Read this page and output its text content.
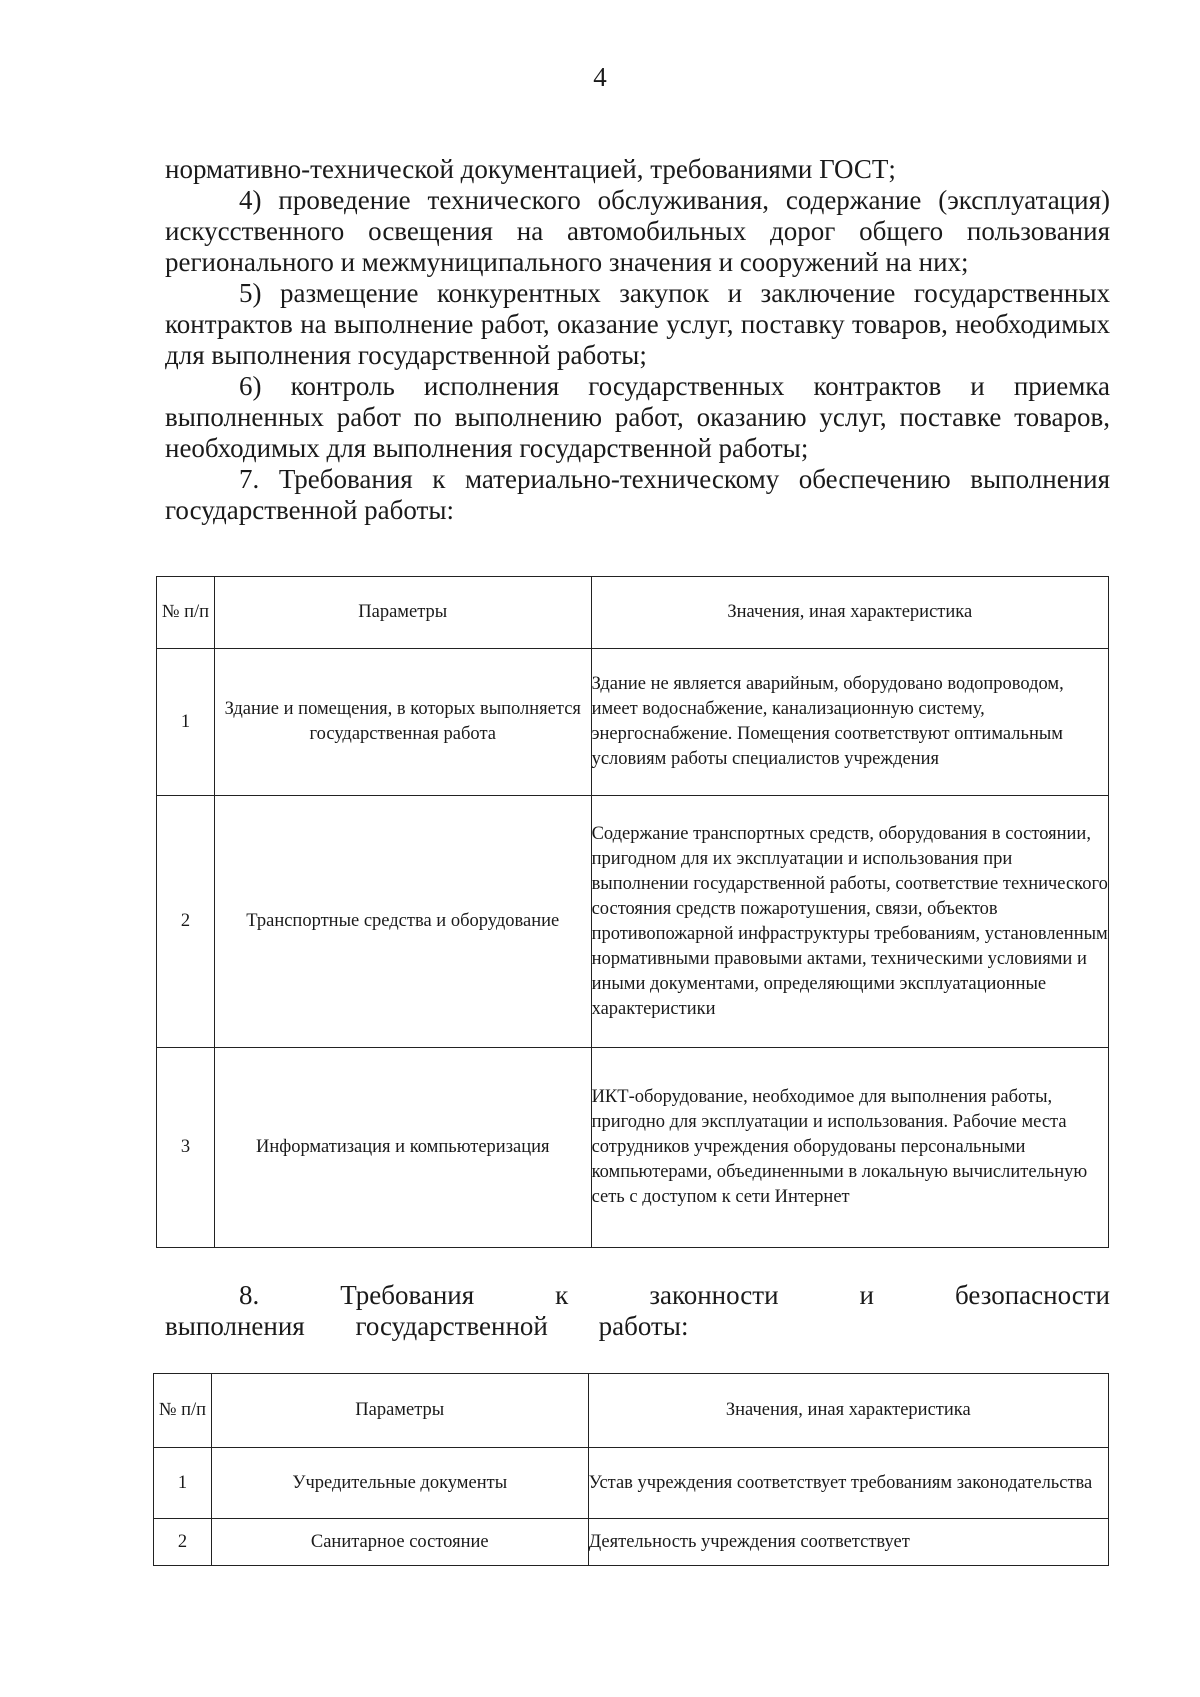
4

нормативно-технической документацией, требованиями ГОСТ;

4) проведение технического обслуживания, содержание (эксплуатация) искусственного освещения на автомобильных дорог общего пользования регионального и межмуниципального значения и сооружений на них;

5) размещение конкурентных закупок и заключение государственных контрактов на выполнение работ, оказание услуг, поставку товаров, необходимых для выполнения государственной работы;

6) контроль исполнения государственных контрактов и приемка выполненных работ по выполнению работ, оказанию услуг, поставке товаров, необходимых для выполнения государственной работы;

7. Требования к материально-техническому обеспечению выполнения государственной работы:

№ п/п	Параметры	Значения, иная характеристика
1	Здание и помещения, в которых выполняется государственная работа	Здание не является аварийным, оборудовано водопроводом, имеет водоснабжение, канализационную систему, энергоснабжение. Помещения соответствуют оптимальным условиям работы специалистов учреждения
2	Транспортные средства и оборудование	Содержание транспортных средств, оборудования в состоянии, пригодном для их эксплуатации и использования при выполнении государственной работы, соответствие технического состояния средств пожаротушения, связи, объектов противопожарной инфраструктуры требованиям, установленным нормативными правовыми актами, техническими условиями и иными документами, определяющими эксплуатационные характеристики
3	Информатизация и компьютеризация	ИКТ-оборудование, необходимое для выполнения работы, пригодно для эксплуатации и использования. Рабочие места сотрудников учреждения оборудованы персональными компьютерами, объединенными в локальную вычислительную сеть с доступом к сети Интернет

8. Требования к законности и безопасности выполнения государственной работы:

№ п/п	Параметры	Значения, иная характеристика
1	Учредительные документы	Устав учреждения соответствует требованиям законодательства
2	Санитарное состояние	Деятельность учреждения соответствует
